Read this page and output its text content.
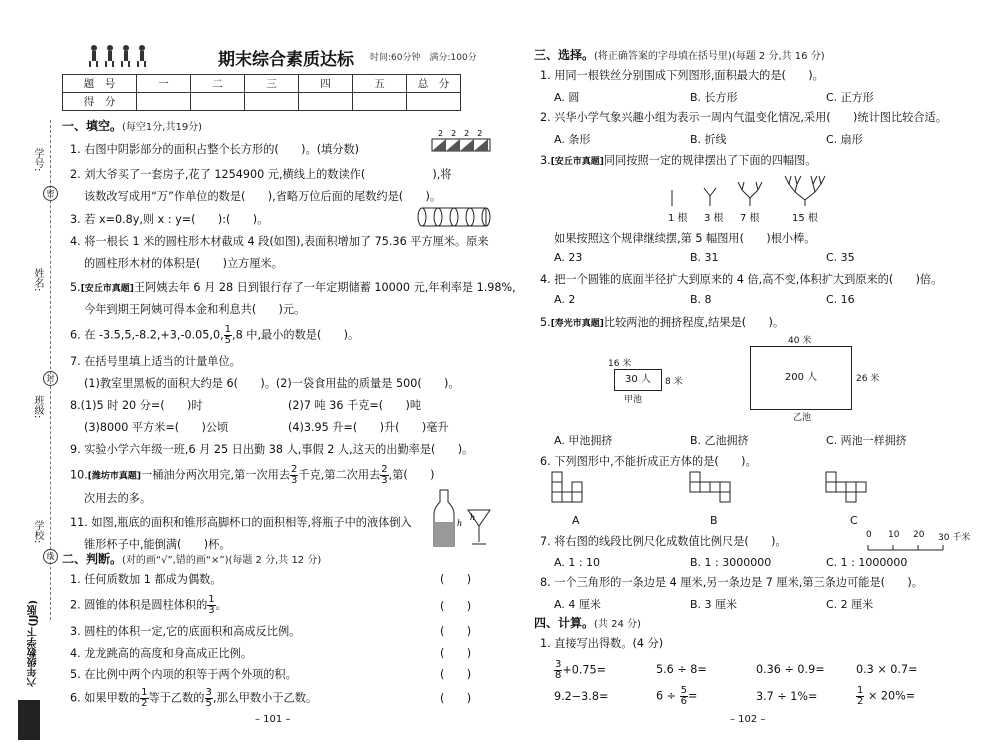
学号:
姓名:
班级:
学校:
密
封
线
六年级数学下(JJ版)
期末综合素质达标 时间:60分钟　满分:100分
题　号	一	二	三	四	五	总　分
得　分						
一、填空。(每空1分,共19分)
1. 右图中阴影部分的面积占整个长方形的(　　)。(填分数)
2　2　2　2
2. 刘大爷买了一套房子,花了 1254900 元,横线上的数读作(　　　　　　),将
该数改写成用“万”作单位的数是(　　),省略万位后面的尾数约是(　　)。
3. 若 x=0.8y,则 x : y=(　　):(　　)。
4. 将一根长 1 米的圆柱形木材截成 4 段(如图),表面积增加了 75.36 平方厘米。原来
的圆柱形木材的体积是(　　)立方厘米。
5.[安丘市真题]王阿姨去年 6 月 28 日到银行存了一年定期储蓄 10000 元,年利率是 1.98%,
今年到期王阿姨可得本金和利息共(　　)元。
6. 在 -3.5,5,-8.2,+3,-0.05,0, $\frac{1}{5} ,8$ 中,最小的数是(　　)。
7. 在括号里填上适当的计量单位。
(1)教室里黑板的面积大约是 6(　　)。(2)一袋食用盐的质量是 500(　　)。
8.(1)5 时 20 分=(　　)时	(2)7 吨 36 千克=(　　)吨
(3)8000 平方米=(　　)公顷	(4)3.95 升=(　　)升(　　)毫升
9. 实验小学六年级一班,6 月 25 日出勤 38 人,事假 2 人,这天的出勤率是(　　)。
10.[潍坊市真题]一桶油分两次用完,第一次用去 $\frac{2}{3}$ 千克,第二次用去 $\frac{2}{3}$ ,第(　　)
次用去的多。
11. 如图,瓶底的面积和锥形高脚杯口的面积相等,将瓶子中的液体倒入
锥形杯子中,能倒满(　　)杯。
h
h
二、判断。(对的画“√”,错的画“×”)(每题 2 分,共 12 分)
1. 任何质数加 1 都成为偶数。	(　　)
2. 圆锥的体积是圆柱体积的 $\frac{1}{3}$ 。	(　　)
3. 圆柱的体积一定,它的底面积和高成反比例。	(　　)
4. 龙龙跳高的高度和身高成正比例。	(　　)
5. 在比例中两个内项的积等于两个外项的积。	(　　)
6. 如果甲数的 $\frac{1}{2}$ 等于乙数的 $\frac{3}{5}$ ,那么甲数小于乙数。	(　　)
– 101 –
三、选择。(将正确答案的字母填在括号里)(每题 2 分,共 16 分)
1. 用同一根铁丝分别围成下列图形,面积最大的是(　　)。
A. 圆	B. 长方形	C. 正方形
2. 兴华小学气象兴趣小组为表示一周内气温变化情况,采用(　　)统计图比较合适。
A. 条形	B. 折线	C. 扇形
3.[安丘市真题]同同按照一定的规律摆出了下面的四幅图。
1 根 3 根 7 根	15 根
如果按照这个规律继续摆,第 5 幅图用(　　)根小棒。
A. 23	B. 31	C. 35
4. 把一个圆锥的底面半径扩大到原来的 4 倍,高不变,体积扩大到原来的(　　)倍。
A. 2	B. 8	C. 16
5.[寿光市真题]比较两池的拥挤程度,结果是(　　)。
16 米
30 人	8 米
甲池
40 米
200 人	26 米
乙池
A. 甲池拥挤	B. 乙池拥挤	C. 两池一样拥挤
6. 下列图形中,不能折成正方体的是(　　)。
A	B	C
7. 将右图的线段比例尺化成数值比例尺是(　　)。	0 10 20 30 千米
A. 1 : 10	B. 1 : 3000000	C. 1 : 1000000
8. 一个三角形的一条边是 4 厘米,另一条边是 7 厘米,第三条边可能是(　　)。
A. 4 厘米	B. 3 厘米	C. 2 厘米
四、计算。(共 24 分)
1. 直接写出得数。(4 分)
$\frac{3}{8} +0.75=$	5.6 ÷ 8=	0.36 ÷ 0.9=	0.3 × 0.7=
9.2−3.8=	$6 \div \frac{5}{6}$ =	3.7 ÷ 1%=	$\frac{1}{2} \times 20\%=$
– 102 –
